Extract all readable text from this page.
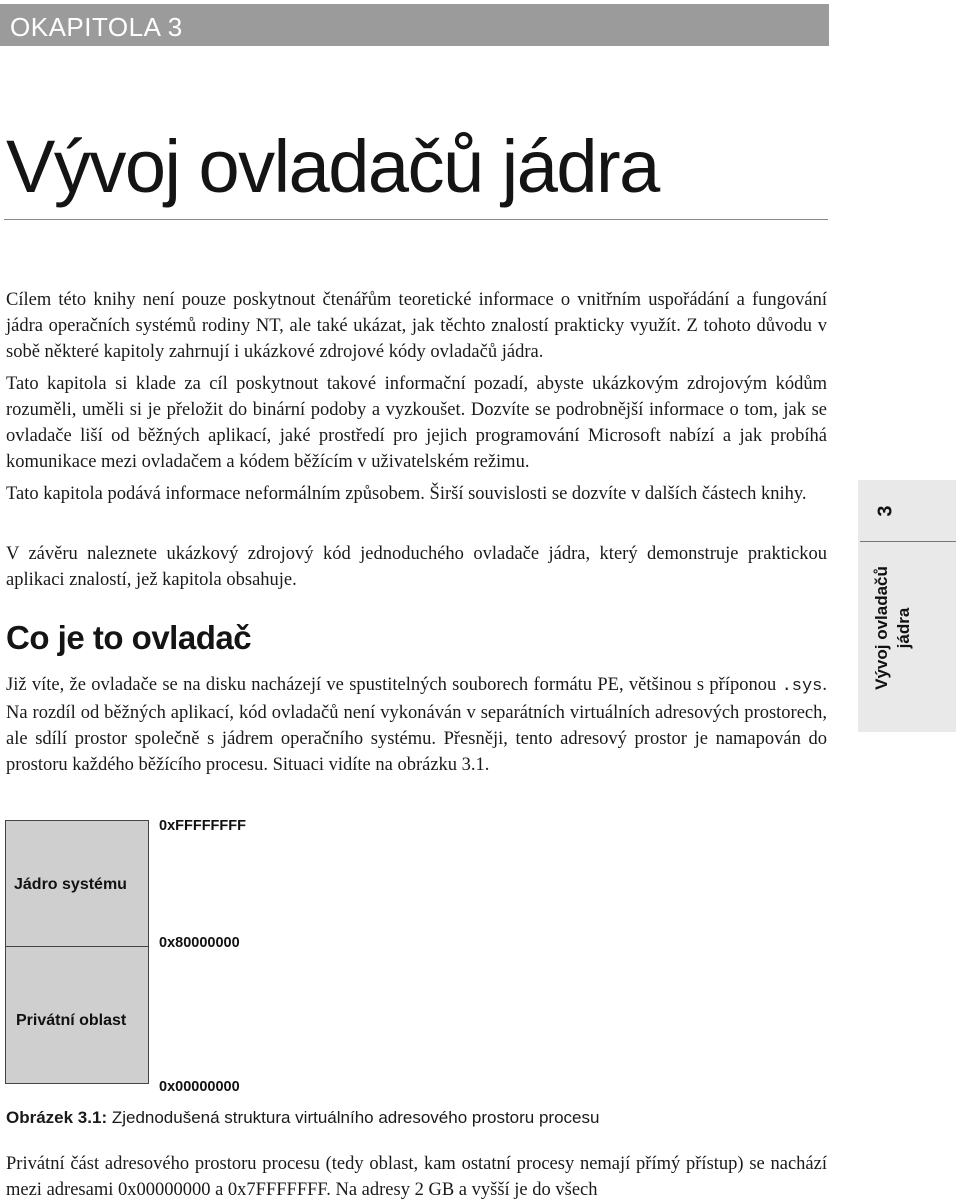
OKAPITOLA 3
Vývoj ovladačů jádra

Cílem této knihy není pouze poskytnout čtenářům teoretické informace o vnitřním uspořádání a fungování jádra operačních systémů rodiny NT, ale také ukázat, jak těchto znalostí prakticky využít. Z tohoto důvodu v sobě některé kapitoly zahrnují i ukázkové zdrojové kódy ovladačů jádra.

Tato kapitola si klade za cíl poskytnout takové informační pozadí, abyste ukázkovým zdrojovým kódům rozuměli, uměli si je přeložit do binární podoby a vyzkoušet. Dozvíte se podrobnější informace o tom, jak se ovladače liší od běžných aplikací, jaké prostředí pro jejich programování Microsoft nabízí a jak probíhá komunikace mezi ovladačem a kódem běžícím v uživatelském režimu.

Tato kapitola podává informace neformálním způsobem. Širší souvislosti se dozvíte v dalších částech knihy.

V závěru naleznete ukázkový zdrojový kód jednoduchého ovladače jádra, který demonstruje praktickou aplikaci znalostí, jež kapitola obsahuje.

Co je to ovladač

Již víte, že ovladače se na disku nacházejí ve spustitelných souborech formátu PE, většinou s příponou .sys. Na rozdíl od běžných aplikací, kód ovladačů není vykonáván v separátních virtuálních adresových prostorech, ale sdílí prostor společně s jádrem operačního systému. Přesněji, tento adresový prostor je namapován do prostoru každého běžícího procesu. Situaci vidíte na obrázku 3.1.

3
Vývoj ovladačů jádra
Jádro systému
Privátní oblast
0xFFFFFFFF
0x80000000
0x00000000
Obrázek 3.1: Zjednodušená struktura virtuálního adresového prostoru procesu

Privátní část adresového prostoru procesu (tedy oblast, kam ostatní procesy nemají přímý přístup) se nachází mezi adresami 0x00000000 a 0x7FFFFFFF. Na adresy 2 GB a vyšší je do všech
